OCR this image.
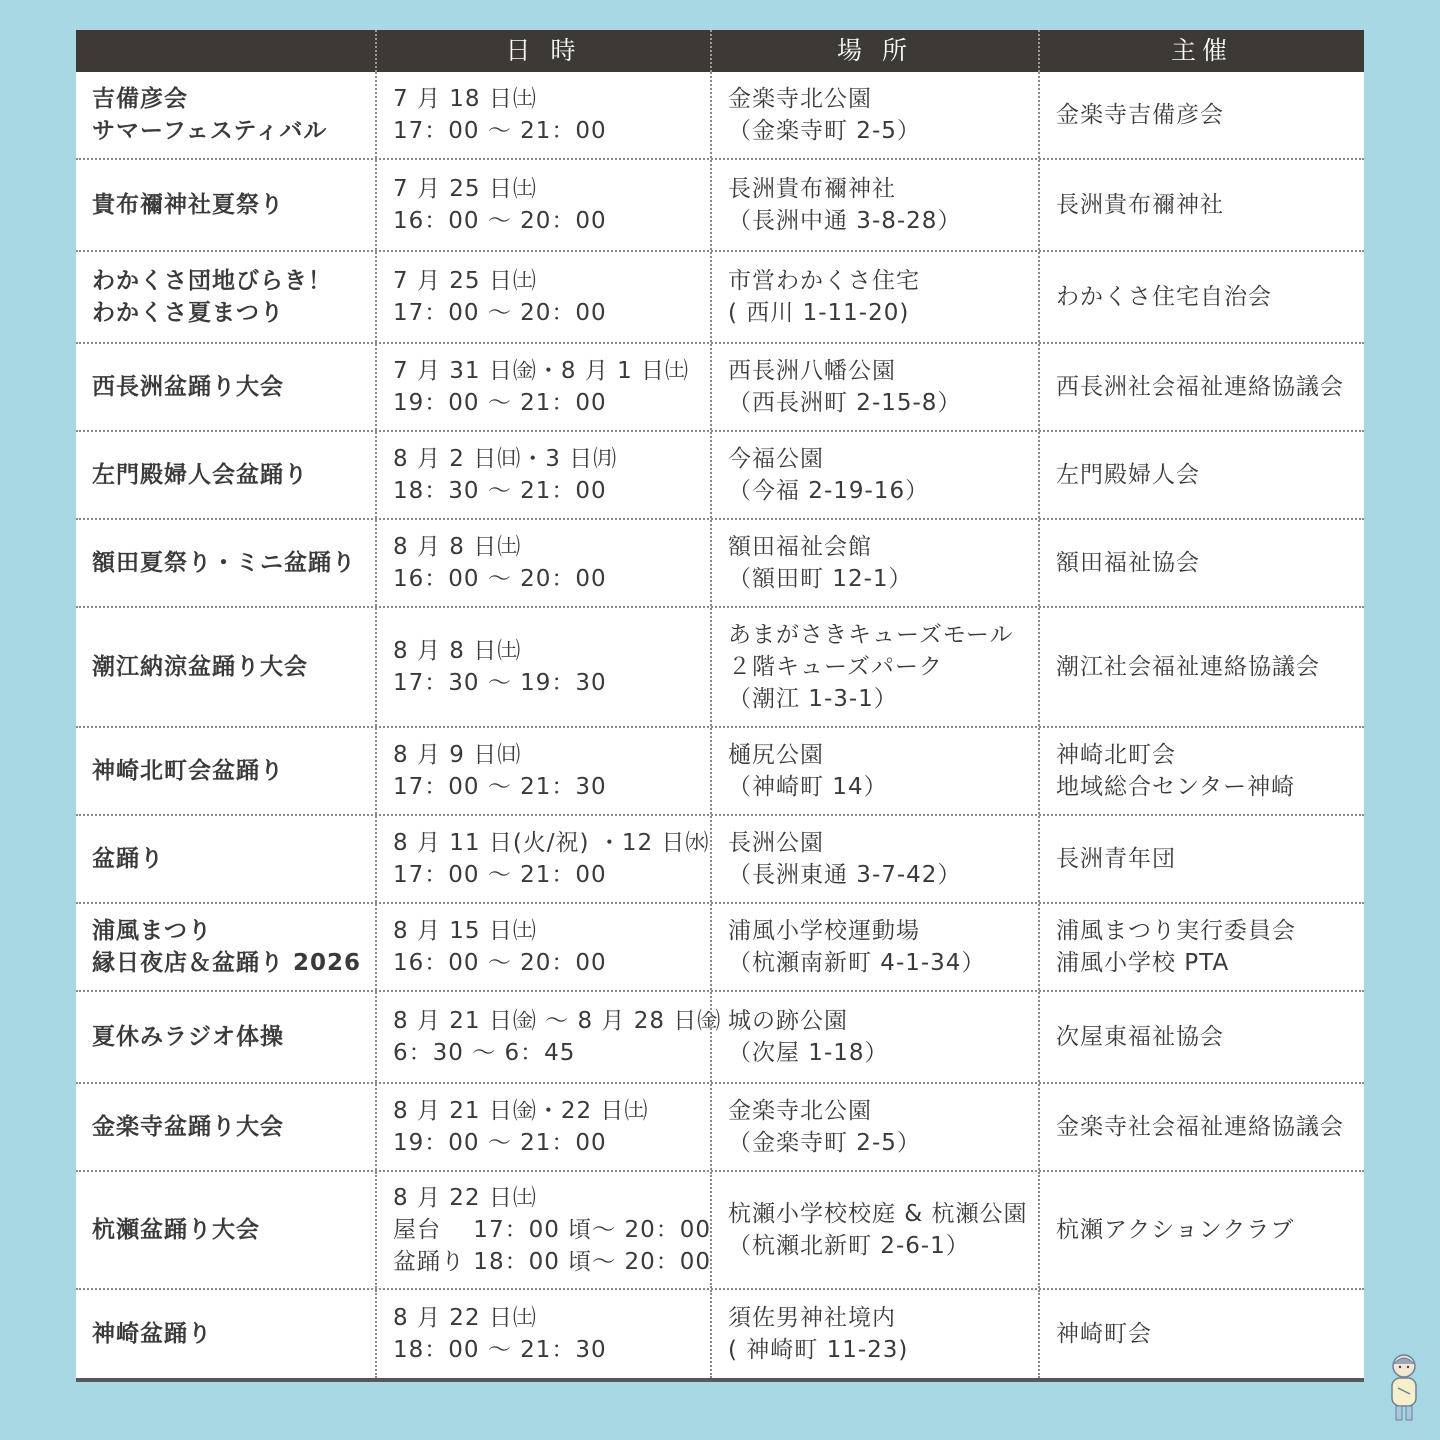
日 時	場 所	主催
吉備彦会
サマーフェスティバル
7 月 18 日㈯
17：00 〜 21：00
金楽寺北公園
（金楽寺町 2-5）
金楽寺吉備彦会
貴布禰神社夏祭り
7 月 25 日㈯
16：00 〜 20：00
長洲貴布禰神社
（長洲中通 3-8-28）
長洲貴布禰神社
わかくさ団地びらき！
わかくさ夏まつり
7 月 25 日㈯
17：00 〜 20：00
市営わかくさ住宅
( 西川 1-11-20)
わかくさ住宅自治会
西長洲盆踊り大会
7 月 31 日㈮・8 月 1 日㈯
19：00 〜 21：00
西長洲八幡公園
（西長洲町 2-15-8）
西長洲社会福祉連絡協議会
左門殿婦人会盆踊り
8 月 2 日㈰・3 日㈪
18：30 〜 21：00
今福公園
（今福 2-19-16）
左門殿婦人会
額田夏祭り・ミニ盆踊り
8 月 8 日㈯
16：00 〜 20：00
額田福祉会館
（額田町 12-1）
額田福祉協会
潮江納涼盆踊り大会
8 月 8 日㈯
17：30 〜 19：30
あまがさきキューズモール
２階キューズパーク
（潮江 1-3-1）
潮江社会福祉連絡協議会
神崎北町会盆踊り
8 月 9 日㈰
17：00 〜 21：30
樋尻公園
（神崎町 14）
神崎北町会
地域総合センター神崎
盆踊り
8 月 11 日(火/祝) ・12 日㈬
17：00 〜 21：00
長洲公園
（長洲東通 3-7-42）
長洲青年団
浦風まつり
縁日夜店＆盆踊り 2026
8 月 15 日㈯
16：00 〜 20：00
浦風小学校運動場
（杭瀬南新町 4-1-34）
浦風まつり実行委員会
浦風小学校 PTA
夏休みラジオ体操
8 月 21 日㈮ 〜 8 月 28 日㈮
6：30 〜 6：45
城の跡公園
（次屋 1-18）
次屋東福祉協会
金楽寺盆踊り大会
8 月 21 日㈮・22 日㈯
19：00 〜 21：00
金楽寺北公園
（金楽寺町 2-5）
金楽寺社会福祉連絡協議会
杭瀬盆踊り大会
8 月 22 日㈯
屋台　 17：00 頃〜 20：00
盆踊り 18：00 頃〜 20：00
杭瀬小学校校庭 & 杭瀬公園
（杭瀬北新町 2-6-1）
杭瀬アクションクラブ
神崎盆踊り
8 月 22 日㈯
18：00 〜 21：30
須佐男神社境内
( 神崎町 11-23)
神崎町会
